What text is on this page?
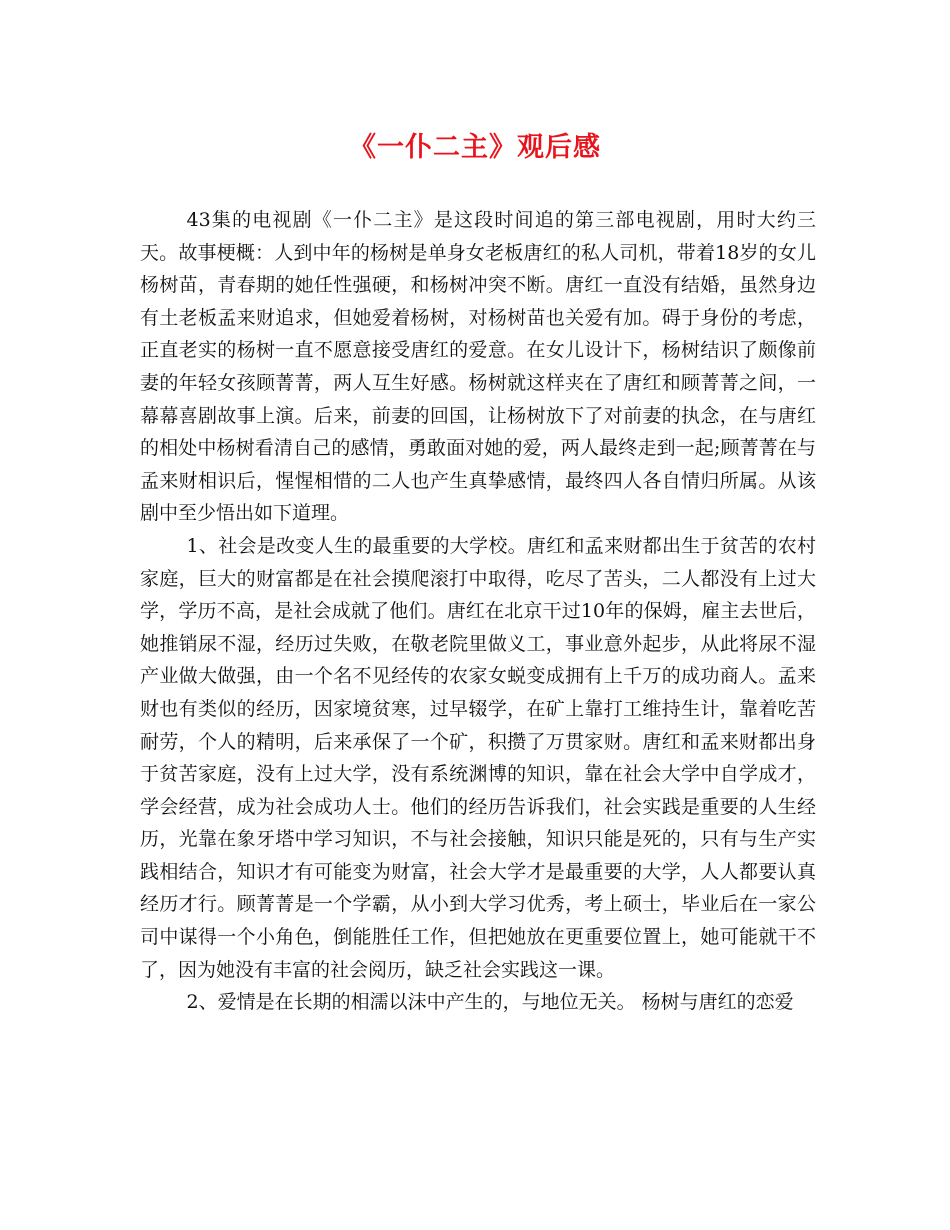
《一仆二主》观后感

43集的电视剧《一仆二主》是这段时间追的第三部电视剧，用时大约三天。故事梗概：人到中年的杨树是单身女老板唐红的私人司机，带着18岁的女儿杨树苗，青春期的她任性强硬，和杨树冲突不断。唐红一直没有结婚，虽然身边有土老板孟来财追求，但她爱着杨树，对杨树苗也关爱有加。碍于身份的考虑，正直老实的杨树一直不愿意接受唐红的爱意。在女儿设计下，杨树结识了颇像前妻的年轻女孩顾菁菁，两人互生好感。杨树就这样夹在了唐红和顾菁菁之间，一幕幕喜剧故事上演。后来，前妻的回国，让杨树放下了对前妻的执念，在与唐红的相处中杨树看清自己的感情，勇敢面对她的爱，两人最终走到一起;顾菁菁在与孟来财相识后，惺惺相惜的二人也产生真挚感情，最终四人各自情归所属。从该剧中至少悟出如下道理。

1、社会是改变人生的最重要的大学校。唐红和孟来财都出生于贫苦的农村家庭，巨大的财富都是在社会摸爬滚打中取得，吃尽了苦头，二人都没有上过大学，学历不高，是社会成就了他们。唐红在北京干过10年的保姆，雇主去世后，她推销尿不湿，经历过失败，在敬老院里做义工，事业意外起步，从此将尿不湿产业做大做强，由一个名不见经传的农家女蜕变成拥有上千万的成功商人。孟来财也有类似的经历，因家境贫寒，过早辍学，在矿上靠打工维持生计，靠着吃苦耐劳，个人的精明，后来承保了一个矿，积攒了万贯家财。唐红和孟来财都出身于贫苦家庭，没有上过大学，没有系统渊博的知识，靠在社会大学中自学成才，学会经营，成为社会成功人士。他们的经历告诉我们，社会实践是重要的人生经历，光靠在象牙塔中学习知识，不与社会接触，知识只能是死的，只有与生产实践相结合，知识才有可能变为财富，社会大学才是最重要的大学，人人都要认真经历才行。顾菁菁是一个学霸，从小到大学习优秀，考上硕士，毕业后在一家公司中谋得一个小角色，倒能胜任工作，但把她放在更重要位置上，她可能就干不了，因为她没有丰富的社会阅历，缺乏社会实践这一课。

2、爱情是在长期的相濡以沫中产生的，与地位无关。 杨树与唐红的恋爱
